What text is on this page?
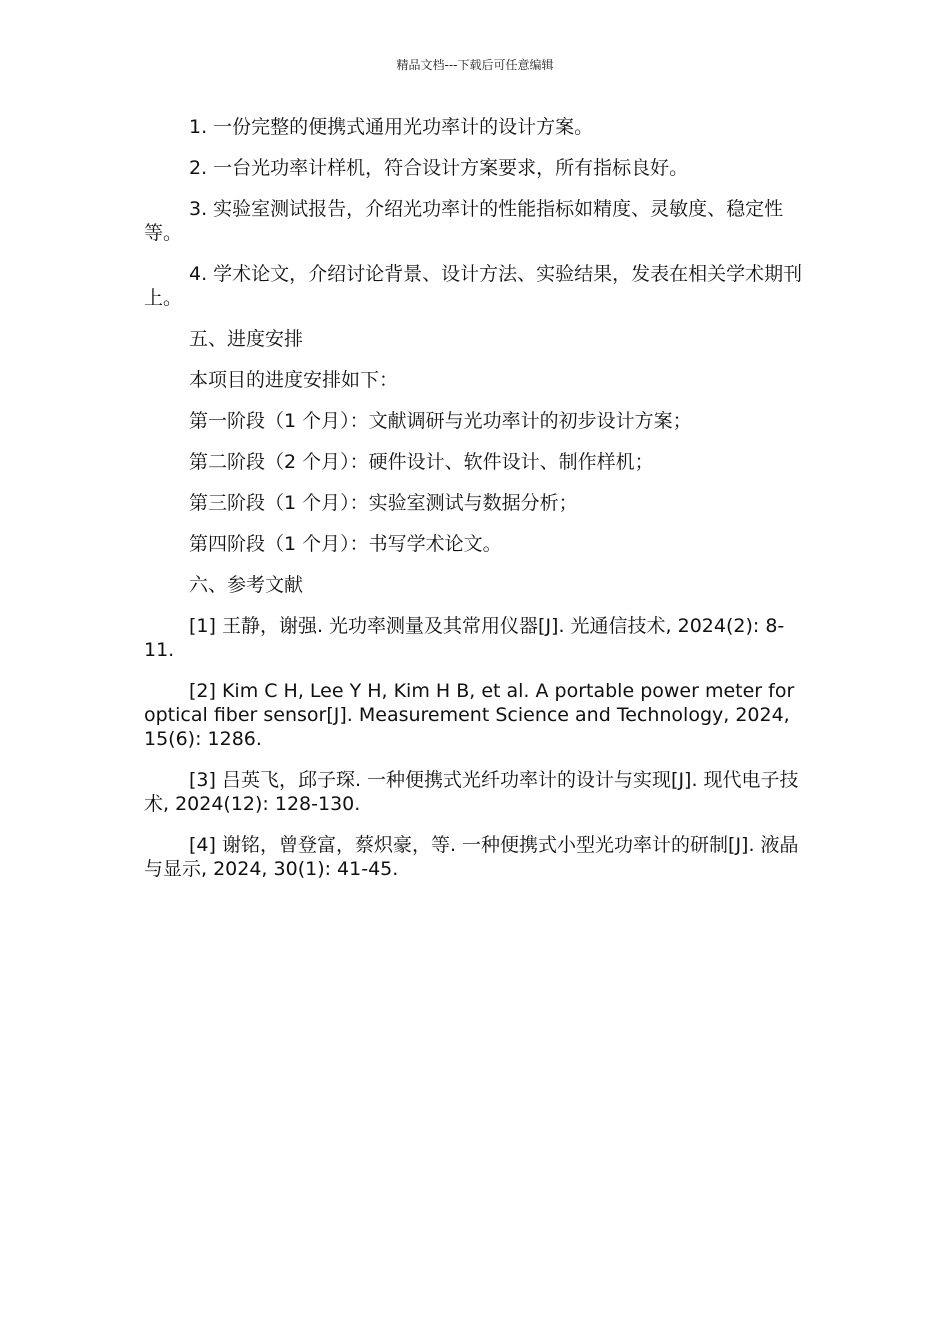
精品文档---下载后可任意编辑

1. 一份完整的便携式通用光功率计的设计方案。

2. 一台光功率计样机，符合设计方案要求，所有指标良好。

3. 实验室测试报告，介绍光功率计的性能指标如精度、灵敏度、稳定性等。

4. 学术论文，介绍讨论背景、设计方法、实验结果，发表在相关学术期刊上。

五、进度安排

本项目的进度安排如下：

第一阶段（1 个月）：文献调研与光功率计的初步设计方案；

第二阶段（2 个月）：硬件设计、软件设计、制作样机；

第三阶段（1 个月）：实验室测试与数据分析；

第四阶段（1 个月）：书写学术论文。

六、参考文献

[1] 王静，谢强. 光功率测量及其常用仪器[J]. 光通信技术, 2024(2): 8-11.

[2] Kim C H, Lee Y H, Kim H B, et al. A portable power meter for optical fiber sensor[J]. Measurement Science and Technology, 2024, 15(6): 1286.

[3] 吕英飞，邱子琛. 一种便携式光纤功率计的设计与实现[J]. 现代电子技术, 2024(12): 128-130.

[4] 谢铭，曾登富，蔡炽豪，等. 一种便携式小型光功率计的研制[J]. 液晶与显示, 2024, 30(1): 41-45.
